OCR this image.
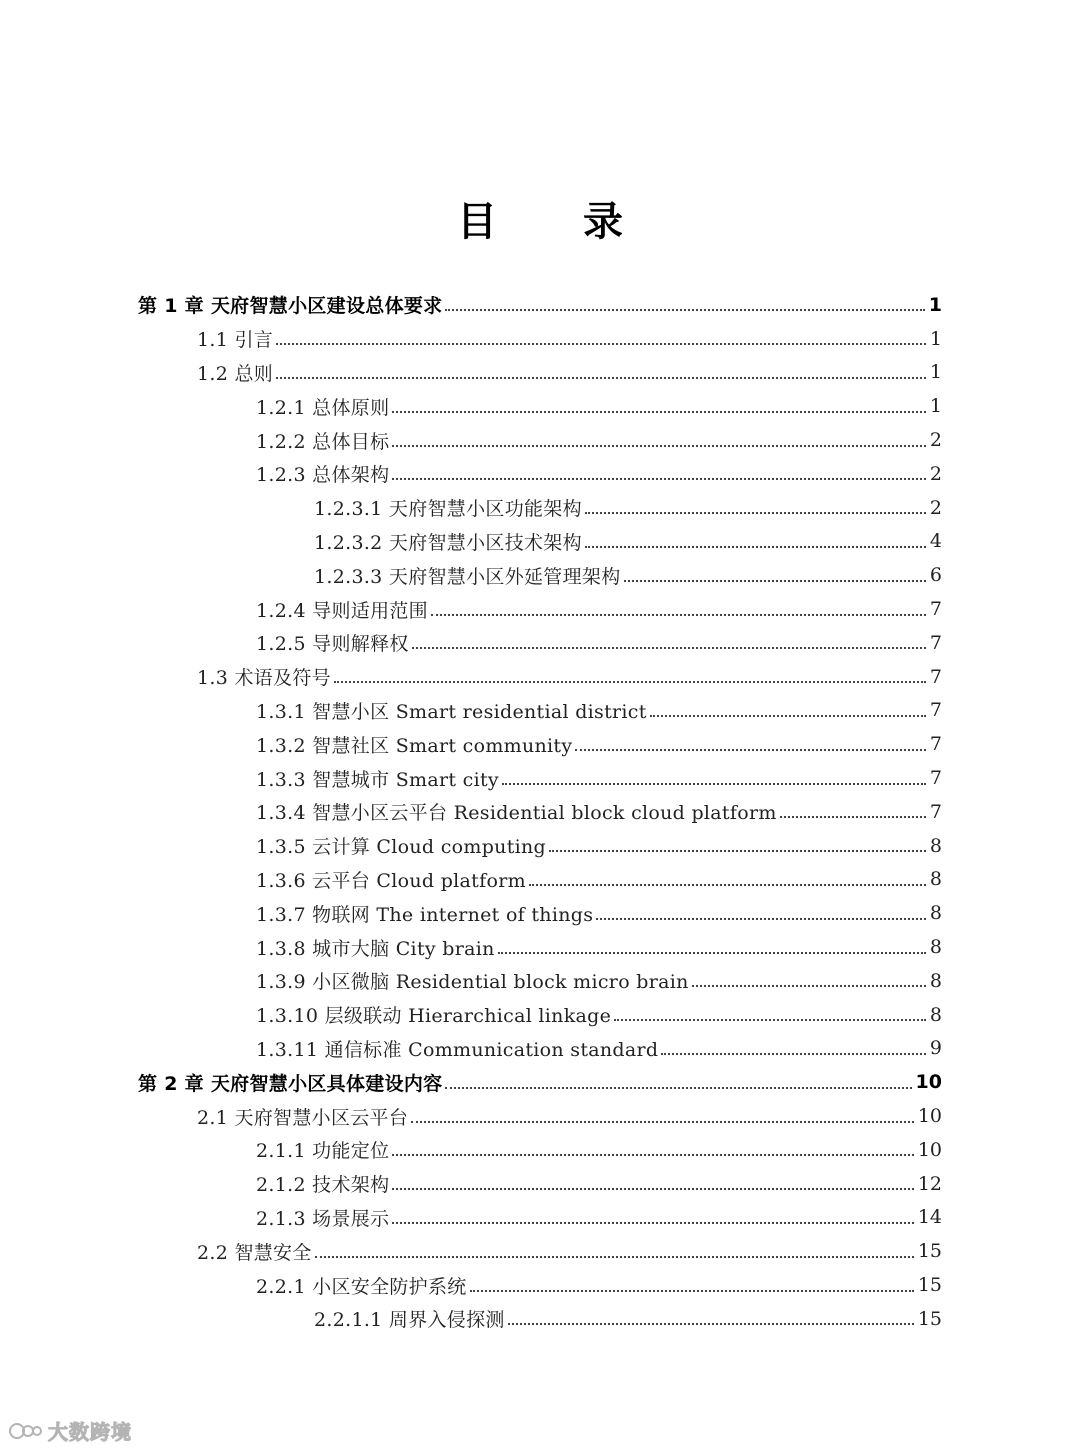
目 录
第 1 章 天府智慧小区建设总体要求	1
1.1 引言	1
1.2 总则	1
1.2.1 总体原则	1
1.2.2 总体目标	2
1.2.3 总体架构	2
1.2.3.1 天府智慧小区功能架构	2
1.2.3.2 天府智慧小区技术架构	4
1.2.3.3 天府智慧小区外延管理架构	6
1.2.4 导则适用范围	7
1.2.5 导则解释权	7
1.3 术语及符号	7
1.3.1 智慧小区 Smart residential district	7
1.3.2 智慧社区 Smart community	7
1.3.3 智慧城市 Smart city	7
1.3.4 智慧小区云平台 Residential block cloud platform	7
1.3.5 云计算 Cloud computing	8
1.3.6 云平台 Cloud platform	8
1.3.7 物联网 The internet of things	8
1.3.8 城市大脑 City brain	8
1.3.9 小区微脑 Residential block micro brain	8
1.3.10 层级联动 Hierarchical linkage	8
1.3.11 通信标准 Communication standard	9
第 2 章 天府智慧小区具体建设内容	10
2.1 天府智慧小区云平台	10
2.1.1 功能定位	10
2.1.2 技术架构	12
2.1.3 场景展示	14
2.2 智慧安全	15
2.2.1 小区安全防护系统	15
2.2.1.1 周界入侵探测	15
大数跨境
